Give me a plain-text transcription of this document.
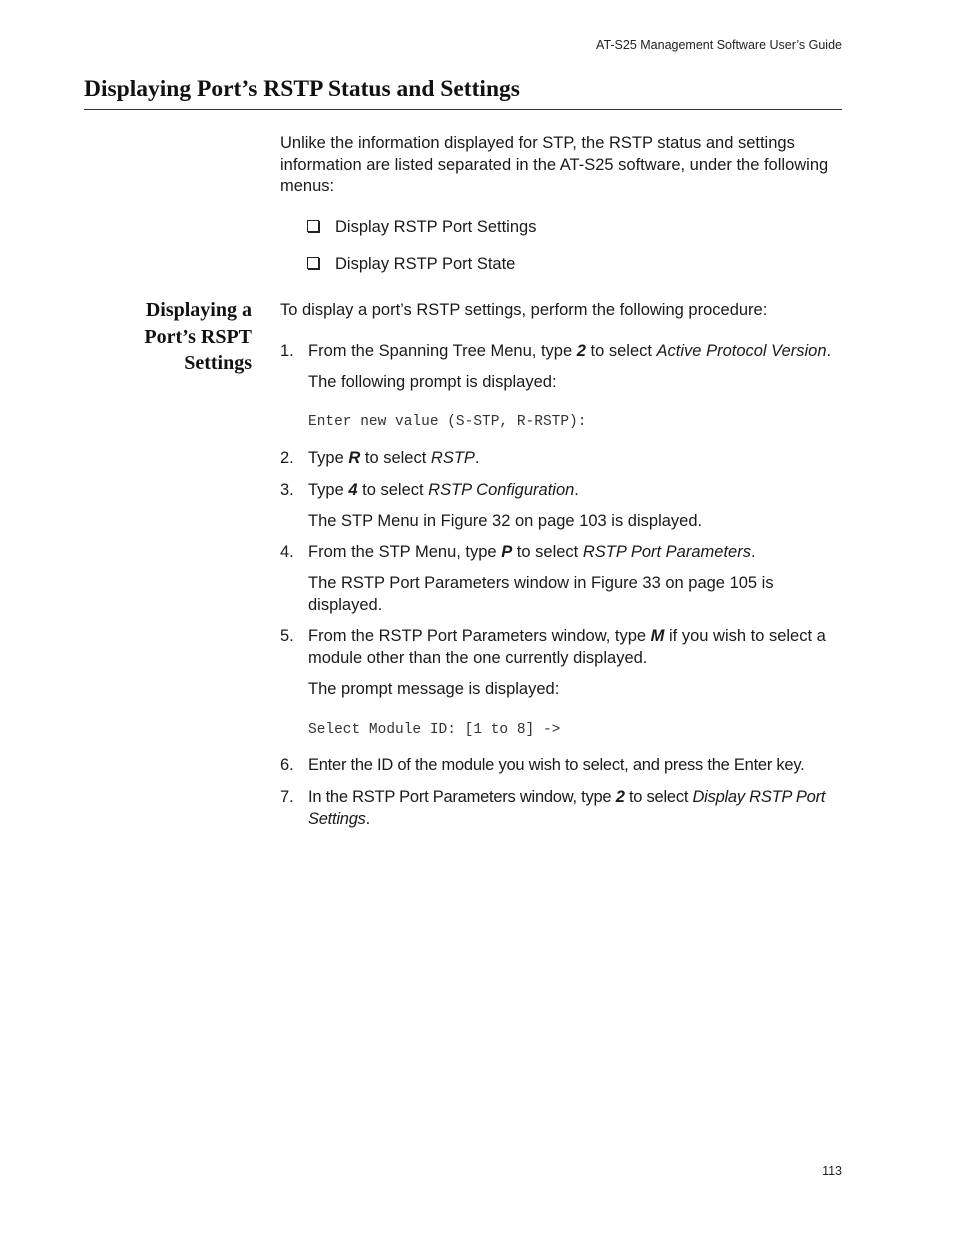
AT-S25 Management Software User’s Guide
Displaying Port’s RSTP Status and Settings

Unlike the information displayed for STP, the RSTP status and settings information are listed separated in the AT-S25 software, under the following menus:

Display RSTP Port Settings
Display RSTP Port State
Displaying a
Port’s RSPT
Settings

To display a port’s RSTP settings, perform the following procedure:

1. From the Spanning Tree Menu, type 2 to select Active Protocol Version.
The following prompt is displayed:
Enter new value (S-STP, R-RSTP):
2. Type R to select RSTP.
3. Type 4 to select RSTP Configuration.
The STP Menu in Figure 32 on page 103 is displayed.
4. From the STP Menu, type P to select RSTP Port Parameters.
The RSTP Port Parameters window in Figure 33 on page 105 is displayed.
5. From the RSTP Port Parameters window, type M if you wish to select a module other than the one currently displayed.
The prompt message is displayed:
Select Module ID: [1 to 8] ->
6. Enter the ID of the module you wish to select, and press the Enter key.
7. In the RSTP Port Parameters window, type 2 to select Display RSTP Port Settings.
113
